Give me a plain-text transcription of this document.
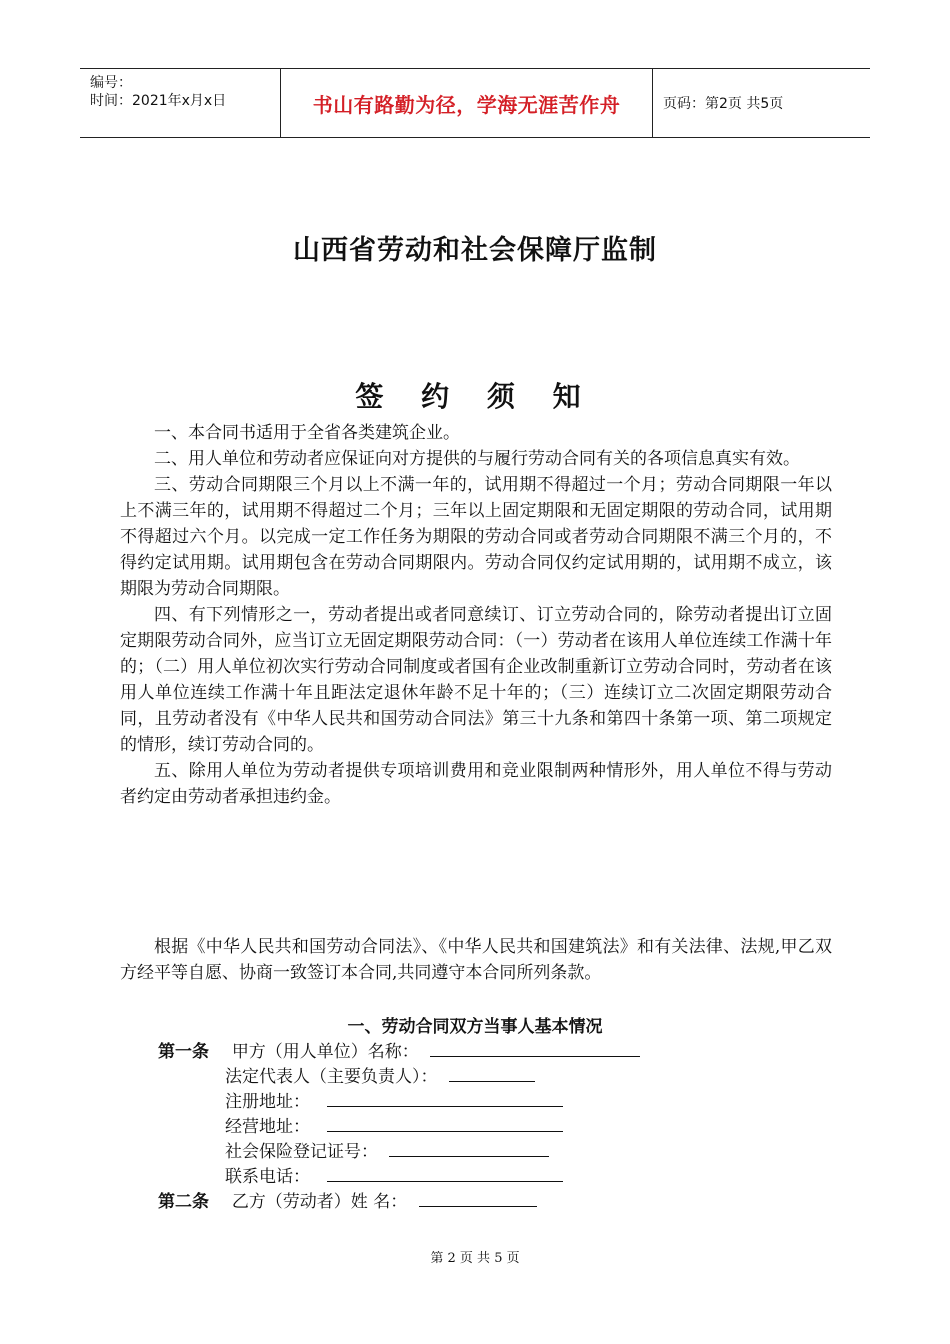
编号：
时间：2021年x月x日	书山有路勤为径，学海无涯苦作舟	页码：第2页 共5页
山西省劳动和社会保障厅监制
签 约 须 知

一、本合同书适用于全省各类建筑企业。

二、用人单位和劳动者应保证向对方提供的与履行劳动合同有关的各项信息真实有效。

三、劳动合同期限三个月以上不满一年的，试用期不得超过一个月；劳动合同期限一年以上不满三年的，试用期不得超过二个月；三年以上固定期限和无固定期限的劳动合同，试用期不得超过六个月。以完成一定工作任务为期限的劳动合同或者劳动合同期限不满三个月的，不得约定试用期。试用期包含在劳动合同期限内。劳动合同仅约定试用期的，试用期不成立，该期限为劳动合同期限。

四、有下列情形之一，劳动者提出或者同意续订、订立劳动合同的，除劳动者提出订立固定期限劳动合同外，应当订立无固定期限劳动合同：（一）劳动者在该用人单位连续工作满十年的；（二）用人单位初次实行劳动合同制度或者国有企业改制重新订立劳动合同时，劳动者在该用人单位连续工作满十年且距法定退休年龄不足十年的；（三）连续订立二次固定期限劳动合同，且劳动者没有《中华人民共和国劳动合同法》第三十九条和第四十条第一项、第二项规定的情形，续订劳动合同的。

五、除用人单位为劳动者提供专项培训费用和竞业限制两种情形外，用人单位不得与劳动者约定由劳动者承担违约金。

根据《中华人民共和国劳动合同法》、《中华人民共和国建筑法》和有关法律、法规,甲乙双方经平等自愿、协商一致签订本合同,共同遵守本合同所列条款。

一、劳动合同双方当事人基本情况
第一条 甲方（用人单位）名称：
法定代表人（主要负责人）：
注册地址：
经营地址：
社会保险登记证号：
联系电话：
第二条 乙方（劳动者）姓 名：
第 2 页 共 5 页
